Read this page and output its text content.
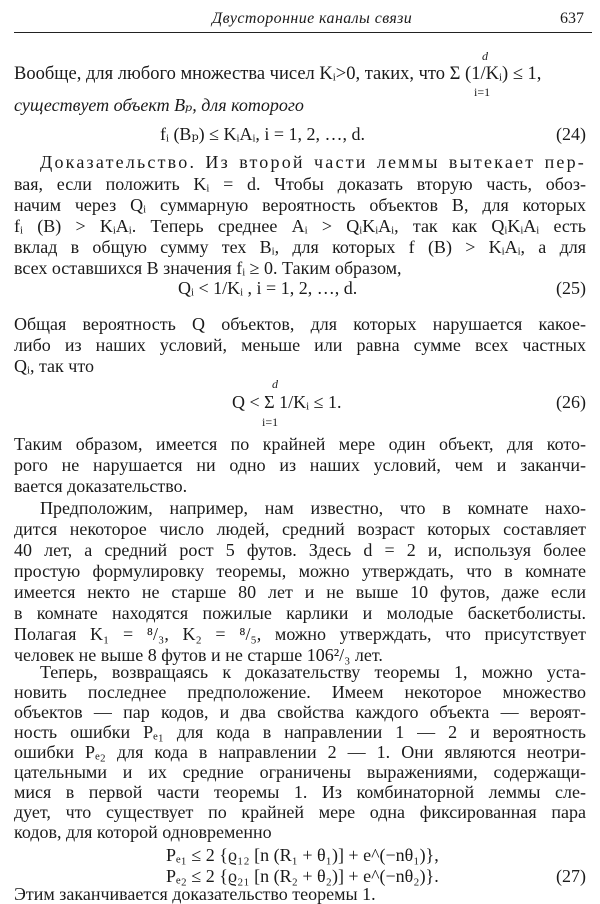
Двусторонние каналы связи	637
Вообще, для любого множества чисел Kᵢ>0, таких, что Σ (1/Kᵢ) ≤ 1,
d
i=1
существует объект Bₚ, для которого
fᵢ (Bₚ) ≤ KᵢAᵢ, i = 1, 2, …, d.	(24)
Доказательство. Из второй части леммы вытекает пер-
вая, если положить Kᵢ = d. Чтобы доказать вторую часть, обоз-
начим через Qᵢ суммарную вероятность объектов B, для которых
fᵢ (B) > KᵢAᵢ. Теперь среднее Aᵢ > QᵢKᵢAᵢ, так как QᵢKᵢAᵢ есть
вклад в общую сумму тех Bᵢ, для которых f (B) > KᵢAᵢ, а для
всех оставшихся B значения fᵢ ≥ 0. Таким образом,
Qᵢ < 1/Kᵢ , i = 1, 2, …, d.	(25)
Общая вероятность Q объектов, для которых нарушается какое-
либо из наших условий, меньше или равна сумме всех частных
Qᵢ, так что
d
Q < Σ 1/Kᵢ ≤ 1.
i=1
(26)
Таким образом, имеется по крайней мере один объект, для кото-
рого не нарушается ни одно из наших условий, чем и заканчи-
вается доказательство.
Предположим, например, нам известно, что в комнате нахо-
дится некоторое число людей, средний возраст которых составляет
40 лет, а средний рост 5 футов. Здесь d = 2 и, используя более
простую формулировку теоремы, можно утверждать, что в комнате
имеется некто не старше 80 лет и не выше 10 футов, даже если
в комнате находятся пожилые карлики и молодые баскетболисты.
Полагая K₁ = ⁸/₃, K₂ = ⁸/₅, можно утверждать, что присутствует
человек не выше 8 футов и не старше 106²/₃ лет.
Теперь, возвращаясь к доказательству теоремы 1, можно уста-
новить последнее предположение. Имеем некоторое множество
объектов — пар кодов, и два свойства каждого объекта — вероят-
ность ошибки Pₑ₁ для кода в направлении 1 — 2 и вероятность
ошибки Pₑ₂ для кода в направлении 2 — 1. Они являются неотри-
цательными и их средние ограничены выражениями, содержащи-
мися в первой части теоремы 1. Из комбинаторной леммы сле-
дует, что существует по крайней мере одна фиксированная пара
кодов, для которой одновременно
Pₑ₁ ≤ 2 {ϱ₁₂ [n (R₁ + θ₁)] + e^(−nθ₁)},
Pₑ₂ ≤ 2 {ϱ₂₁ [n (R₂ + θ₂)] + e^(−nθ₂)}.	(27)
Этим заканчивается доказательство теоремы 1.
